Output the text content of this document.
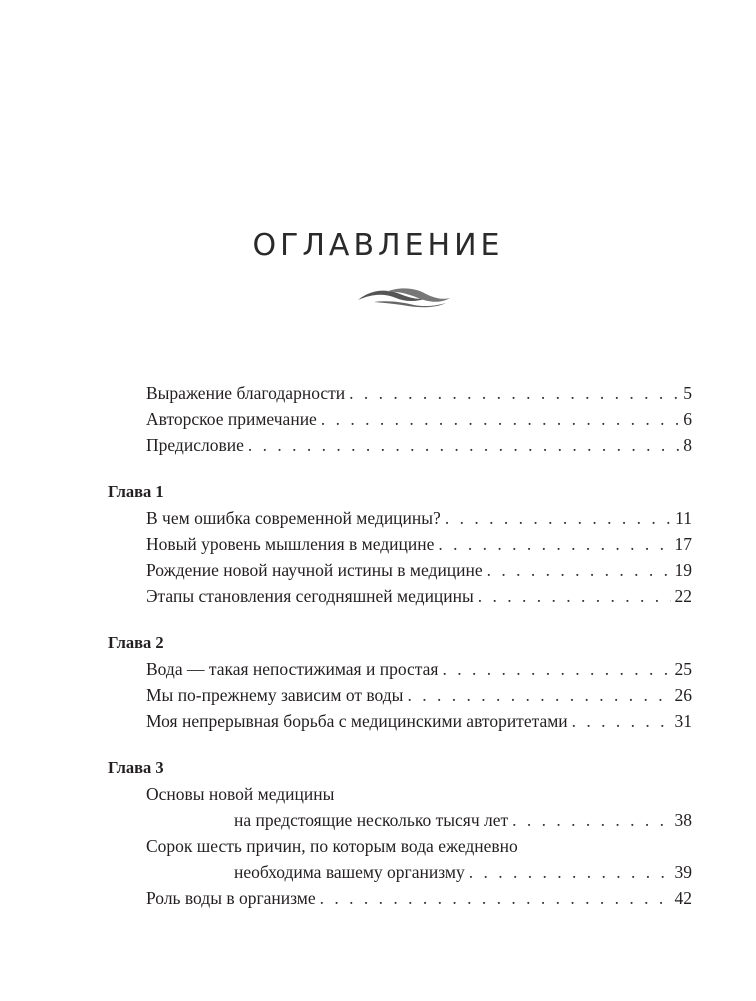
ОГЛАВЛЕНИЕ
Выражение благодарности . . .	5
Авторское примечание . . .	6
Предисловие . . .	8
Глава 1
В чем ошибка современной медицины? . . .	11
Новый уровень мышления в медицине . . .	17
Рождение новой научной истины в медицине . . .	19
Этапы становления сегодняшней медицины . . .	22
Глава 2
Вода — такая непостижимая и простая . . .	25
Мы по-прежнему зависим от воды . . .	26
Моя непрерывная борьба с медицинскими авторитетами . . .	31
Глава 3
Основы новой медицины
на предстоящие несколько тысяч лет . . .	38
Сорок шесть причин, по которым вода ежедневно
необходима вашему организму . . .	39
Роль воды в организме . . .	42
